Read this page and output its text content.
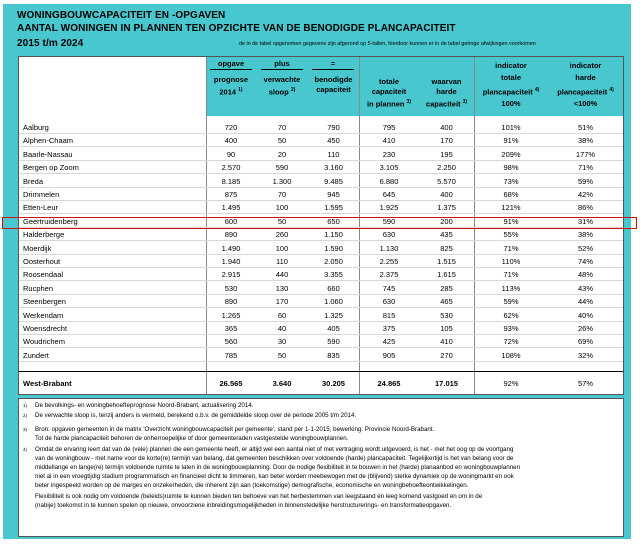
WONINGBOUWCAPACITEIT EN -OPGAVEN
AANTAL WONINGEN IN PLANNEN TEN OPZICHTE VAN DE BENODIGDE PLANCAPACITEIT
2015 t/m 2024	de in de tabel opgenomen gegevens zijn afgerond op 5-tallen, hierdoor kunnen er in de tabel geringe afwijkingen voorkomen
opgave
prognose
2014 $^{1)}$
plus
verwachte
sloop $^{2)}$
=
benodigde
capaciteit
totale
capaciteit
in plannen $^{3)}$
waarvan
harde
capaciteit $^{3)}$
indicator
totale
plancapaciteit $^{4)}$
100%
indicator
harde
plancapaciteit $^{4)}$
<100%
Aalburg	720	70	790	795	400	101%	51%
Alphen-Chaam	400	50	450	410	170	91%	38%
Baarle-Nassau	90	20	110	230	195	209%	177%
Bergen op Zoom	2.570	590	3.160	3.105	2.250	98%	71%
Breda	8.185	1.300	9.485	6.880	5.570	73%	59%
Drimmelen	875	70	945	645	400	68%	42%
Etten-Leur	1.495	100	1.595	1.925	1.375	121%	86%
Geertruidenberg	600	50	650	590	200	91%	31%
Halderberge	890	260	1.150	630	435	55%	38%
Moerdijk	1.490	100	1.590	1.130	825	71%	52%
Oosterhout	1.940	110	2.050	2.255	1.515	110%	74%
Roosendaal	2.915	440	3.355	2.375	1.615	71%	48%
Rucphen	530	130	660	745	285	113%	43%
Steenbergen	890	170	1.060	630	465	59%	44%
Werkendam	1.265	60	1.325	815	530	62%	40%
Woensdrecht	365	40	405	375	105	93%	26%
Woudrichem	560	30	590	425	410	72%	69%
Zundert	785	50	835	905	270	108%	32%
West-Brabant	26.565	3.640	30.205	24.865	17.015	92%	57%
$^{1)}$ De bevolkings- en woningbehoefteprognose Noord-Brabant, actualisering 2014.
$^{2)}$ De verwachte sloop is, tenzij anders is vermeld, berekend o.b.v. de gemiddelde sloop over de periode 2005 t/m 2014.
$^{3)}$ Bron: opgaven gemeenten in de matrix 'Overzicht woningbouwcapaciteit per gemeente', stand per 1-1-2015; bewerking: Provincie Noord-Brabant.
Tot de harde plancapaciteit behoren de onherroepelijke of door gemeenteraden vastgestelde woningbouwplannen.
$^{4)}$ Omdat de ervaring leert dat van de (vele) plannen die een gemeente heeft, er altijd wel een aantal niet of met vertraging wordt uitgevoerd, is het - met het oog op de voortgang
van de woningbouw - met name voor de korte(re) termijn van belang, dat gemeenten beschikken over voldoende (harde) plancapaciteit. Tegelijkertijd is het van belang voor de
middellange en lange(re) termijn voldoende ruimte te laten in de woningbouwplanning. Door de nodige flexibiliteit in te bouwen in het (harde) planaanbod en woningbouwplannen
niet al in een vroegtijdig stadium programmatisch en financieel dicht te timmeren, kan beter worden meebewogen met de (blijvend) sterke dynamiek op de woningmarkt en ook
beter ingespeeld worden op de marges en onzekerheden, die inherent zijn aan (toekomstige) demografische, economische en woningbehoefteontwikkelingen.
Flexibiliteit is ook nodig om voldoende (beleids)ruimte te kunnen bieden ten behoeve van het herbestemmen van leegstaand en leeg komend vastgoed en om in de
(nabije) toekomst in te kunnen spelen op nieuwe, onvoorziene inbreidingsmogelijkheden in binnenstedelijke herstructurerings- en transformatieopgaven.
